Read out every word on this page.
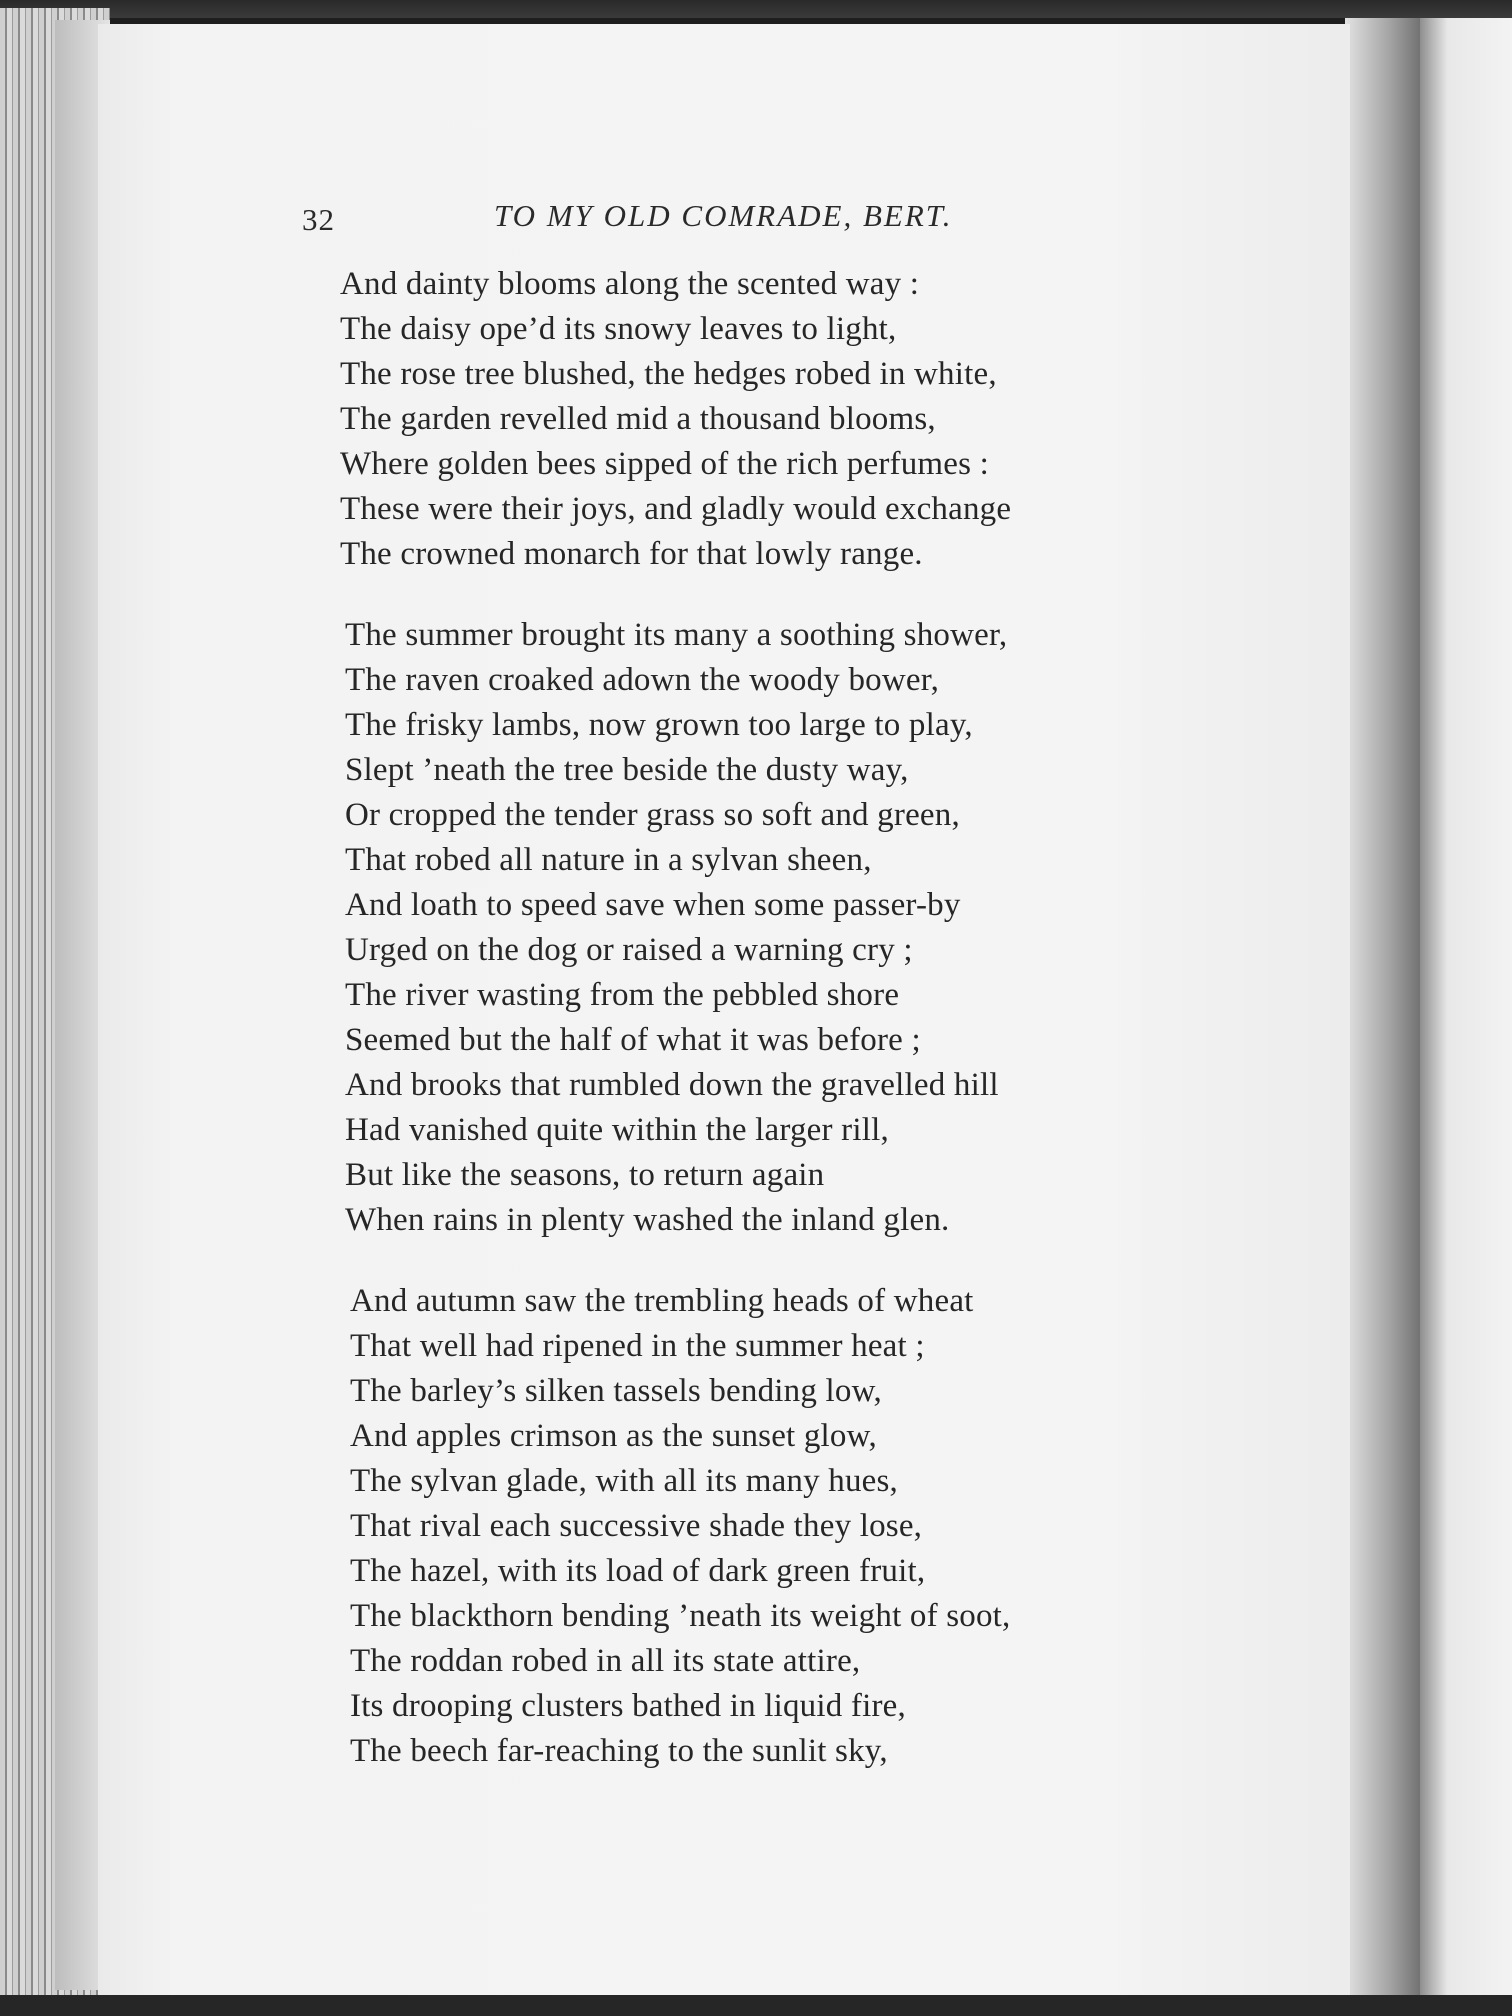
32	TO MY OLD COMRADE, BERT.
And dainty blooms along the scented way :
The daisy ope’d its snowy leaves to light,
The rose tree blushed, the hedges robed in white,
The garden revelled mid a thousand blooms,
Where golden bees sipped of the rich perfumes :
These were their joys, and gladly would exchange
The crowned monarch for that lowly range.
The summer brought its many a soothing shower,
The raven croaked adown the woody bower,
The frisky lambs, now grown too large to play,
Slept ’neath the tree beside the dusty way,
Or cropped the tender grass so soft and green,
That robed all nature in a sylvan sheen,
And loath to speed save when some passer-by
Urged on the dog or raised a warning cry ;
The river wasting from the pebbled shore
Seemed but the half of what it was before ;
And brooks that rumbled down the gravelled hill
Had vanished quite within the larger rill,
But like the seasons, to return again
When rains in plenty washed the inland glen.
And autumn saw the trembling heads of wheat
That well had ripened in the summer heat ;
The barley’s silken tassels bending low,
And apples crimson as the sunset glow,
The sylvan glade, with all its many hues,
That rival each successive shade they lose,
The hazel, with its load of dark green fruit,
The blackthorn bending ’neath its weight of soot,
The roddan robed in all its state attire,
Its drooping clusters bathed in liquid fire,
The beech far-reaching to the sunlit sky,
